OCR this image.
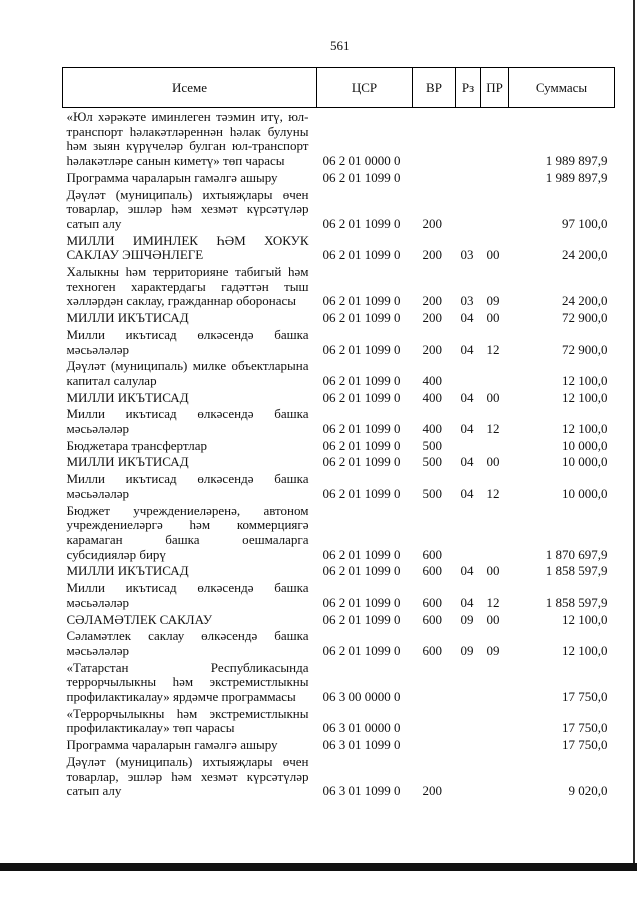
561
Исеме	ЦСР	ВР	Рз	ПР	Суммасы

«Юл хәрәкәте иминлеген тәэмин итү, юл-
транспорт һәлакәтләреннән һәлак булуны
һәм зыян күрүчеләр булган юл-транспорт
һәлакәтләре санын киметү» төп чарасы	06 2 01 0000 0				1 989 897,9

Программа чараларын гамәлгә ашыру	06 2 01 1099 0				1 989 897,9

Дәүләт (муниципаль) ихтыяҗлары өчен
товарлар, эшләр һәм хезмәт күрсәтүләр
сатып алу	06 2 01 1099 0	200			97 100,0

МИЛЛИ ИМИНЛЕК ҺӘМ ХОКУК
САКЛАУ ЭШЧӘНЛЕГЕ	06 2 01 1099 0	200	03	00	24 200,0

Халыкны һәм территорияне табигый һәм
техноген характердагы гадәттән тыш
хәлләрдән саклау, гражданнар оборонасы	06 2 01 1099 0	200	03	09	24 200,0

МИЛЛИ ИКЪТИСАД	06 2 01 1099 0	200	04	00	72 900,0

Милли икътисад өлкәсендә башка
мәсьәләләр	06 2 01 1099 0	200	04	12	72 900,0

Дәүләт (муниципаль) милке объектларына
капитал салулар	06 2 01 1099 0	400			12 100,0

МИЛЛИ ИКЪТИСАД	06 2 01 1099 0	400	04	00	12 100,0

Милли икътисад өлкәсендә башка
мәсьәләләр	06 2 01 1099 0	400	04	12	12 100,0

Бюджетара трансфертлар	06 2 01 1099 0	500			10 000,0

МИЛЛИ ИКЪТИСАД	06 2 01 1099 0	500	04	00	10 000,0

Милли икътисад өлкәсендә башка
мәсьәләләр	06 2 01 1099 0	500	04	12	10 000,0

Бюджет учреждениеләренә, автоном
учреждениеләргә һәм коммерциягә
карамаган башка оешмаларга
субсидияләр бирү	06 2 01 1099 0	600			1 870 697,9

МИЛЛИ ИКЪТИСАД	06 2 01 1099 0	600	04	00	1 858 597,9

Милли икътисад өлкәсендә башка
мәсьәләләр	06 2 01 1099 0	600	04	12	1 858 597,9

СӘЛАМӘТЛЕК САКЛАУ	06 2 01 1099 0	600	09	00	12 100,0

Сәламәтлек саклау өлкәсендә башка
мәсьәләләр	06 2 01 1099 0	600	09	09	12 100,0

«Татарстан Республикасында
террорчылыкны һәм экстремистлыкны
профилактикалау» ярдәмче программасы	06 3 00 0000 0				17 750,0

«Террорчылыкны һәм экстремистлыкны
профилактикалау» төп чарасы	06 3 01 0000 0				17 750,0

Программа чараларын гамәлгә ашыру	06 3 01 1099 0				17 750,0

Дәүләт (муниципаль) ихтыяҗлары өчен
товарлар, эшләр һәм хезмәт күрсәтүләр
сатып алу	06 3 01 1099 0	200			9 020,0
